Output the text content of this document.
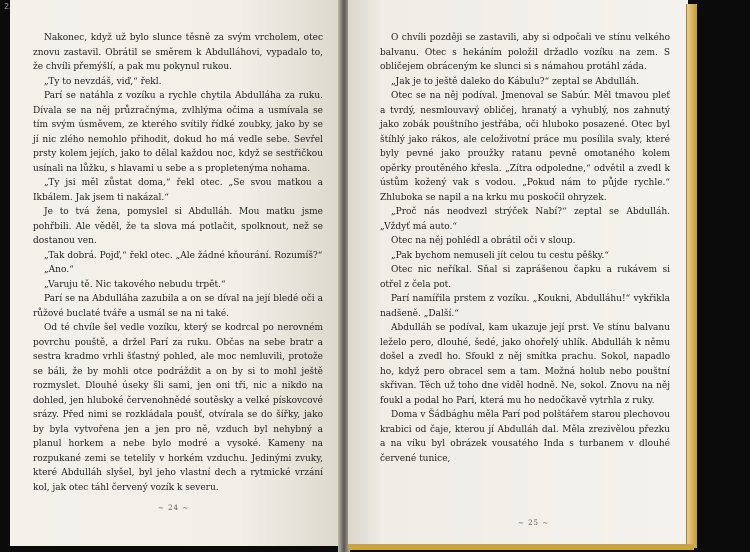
2

Nakonec, když už bylo slunce těsně za svým vrcholem, otec znovu zastavil. Obrátil se směrem k Abdulláhovi, vypadalo to, že chvíli přemýšlí, a pak mu pokynul rukou.

„Ty to nevzdáš, viď,“ řekl.

Parí se natáhla z vozíku a rychle chytila Abdulláha za ruku. Dívala se na něj průzračnýma, zvlhlýma očima a usmívala se tím svým úsměvem, ze kterého svítily řídké zoubky, jako by se jí nic zlého nemohlo přihodit, dokud ho má vedle sebe. Sevřel prsty kolem jejích, jako to dělal každou noc, když se sestřičkou usínali na lůžku, s hlavami u sebe a s propletenýma nohama.

„Ty jsi měl zůstat doma,“ řekl otec. „Se svou matkou a Ikbálem. Jak jsem ti nakázal.“

Je to tvá žena, pomyslel si Abdulláh. Mou matku jsme pohřbili. Ale věděl, že ta slova má potlačit, spolknout, než se dostanou ven.

„Tak dobrá. Pojď,“ řekl otec. „Ale žádné kňourání. Rozumíš?“

„Ano.“

„Varuju tě. Nic takového nebudu trpět.“

Parí se na Abdulláha zazubila a on se díval na její bledé oči a růžové buclaté tváře a usmál se na ni také.

Od té chvíle šel vedle vozíku, který se kodrcal po nerovném povrchu pouště, a držel Parí za ruku. Občas na sebe bratr a sestra kradmo vrhli šťastný pohled, ale moc nemluvili, protože se báli, že by mohli otce podráždit a on by si to mohl ještě rozmyslet. Dlouhé úseky šli sami, jen oni tři, nic a nikdo na dohled, jen hluboké červenohnědé soutěsky a velké pískovcové srázy. Před nimi se rozkládala poušť, otvírala se do šířky, jako by byla vytvořena jen a jen pro ně, vzduch byl nehybný a planul horkem a nebe bylo modré a vysoké. Kameny na rozpukané zemi se tetelily v horkém vzduchu. Jedinými zvuky, které Abdulláh slyšel, byl jeho vlastní dech a rytmické vrzání kol, jak otec táhl červený vozík k severu.

∼ 24 ∼

O chvíli později se zastavili, aby si odpočali ve stínu velkého balvanu. Otec s hekáním položil držadlo vozíku na zem. S obličejem obráceným ke slunci si s námahou protáhl záda.

„Jak je to ještě daleko do Kábulu?“ zeptal se Abdulláh.

Otec se na něj podíval. Jmenoval se Sabúr. Měl tmavou pleť a tvrdý, nesmlouvavý obličej, hranatý a vyhublý, nos zahnutý jako zobák pouštního jestřába, oči hluboko posazené. Otec byl štíhlý jako rákos, ale celoživotní práce mu posílila svaly, které byly pevné jako proužky ratanu pevně omotaného kolem opěrky proutěného křesla. „Zítra odpoledne,“ odvětil a zvedl k ústům kožený vak s vodou. „Pokud nám to půjde rychle.“ Zhluboka se napil a na krku mu poskočil ohryzek.

„Proč nás neodvezl strýček Nabí?“ zeptal se Abdulláh. „Vždyť má auto.“

Otec na něj pohlédl a obrátil oči v sloup.

„Pak bychom nemuseli jít celou tu cestu pěšky.“

Otec nic neříkal. Sňal si zaprášenou čapku a rukávem si otřel z čela pot.

Parí namířila prstem z vozíku. „Koukni, Abdulláhu!“ vykřikla nadšeně. „Další.“

Abdulláh se podíval, kam ukazuje její prst. Ve stínu balvanu leželo pero, dlouhé, šedé, jako ohořelý uhlík. Abdulláh k němu došel a zvedl ho. Sfoukl z něj smítka prachu. Sokol, napadlo ho, když pero obracel sem a tam. Možná holub nebo pouštní skřivan. Těch už toho dne viděl hodně. Ne, sokol. Znovu na něj foukl a podal ho Parí, která mu ho nedočkavě vytrhla z ruky.

Doma v Šádbághu měla Parí pod polštářem starou plechovou krabici od čaje, kterou jí Abdulláh dal. Měla zrezivělou přezku a na víku byl obrázek vousatého Inda s turbanem v dlouhé červené tunice,

∼ 25 ∼
